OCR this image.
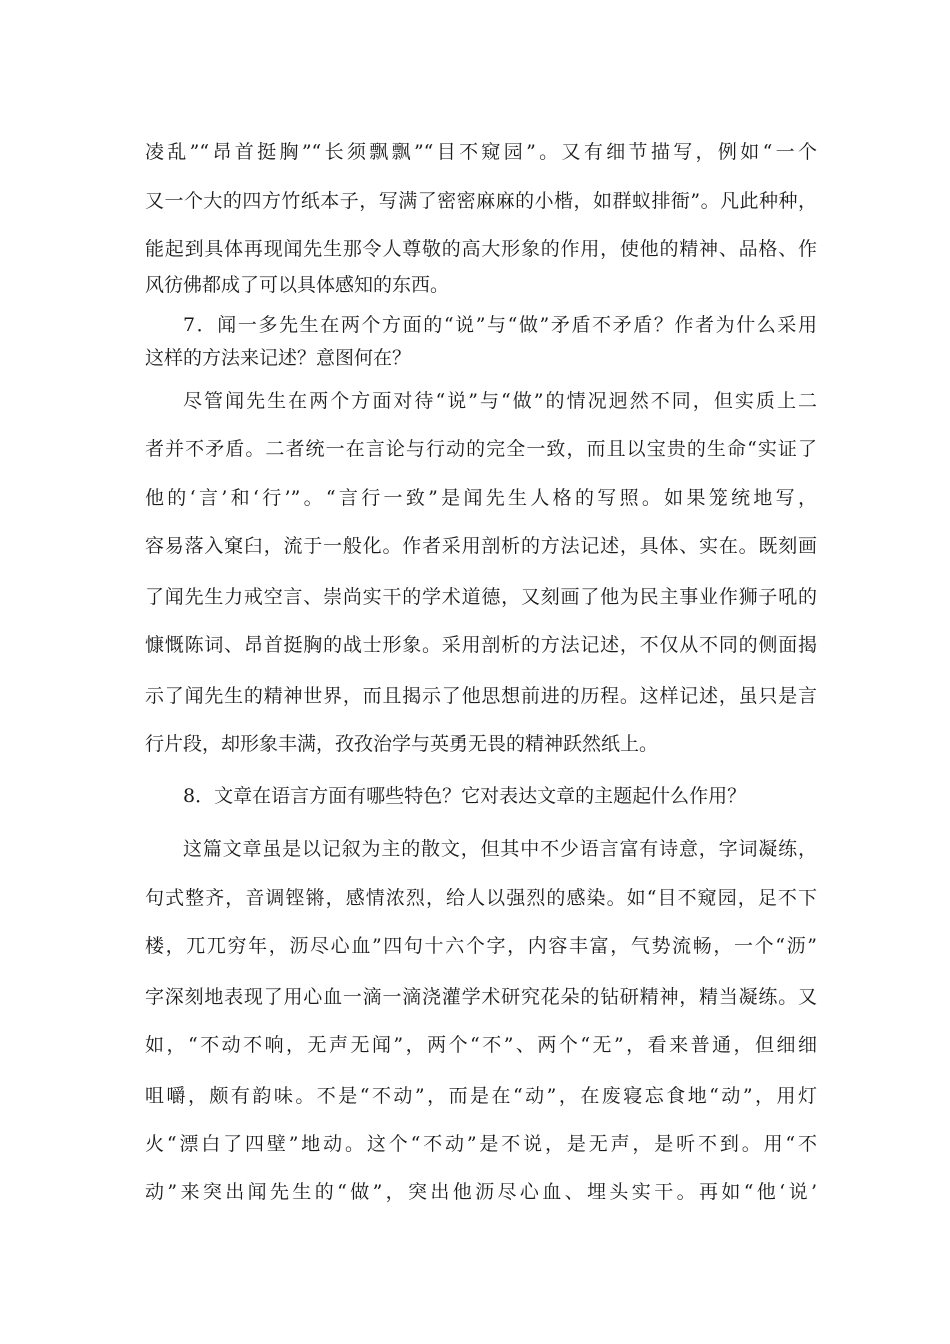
凌乱”“昂首挺胸”“长须飘飘”“目不窥园”。又有细节描写，例如“一个
又一个大的四方竹纸本子，写满了密密麻麻的小楷，如群蚁排衙”。凡此种种，
能起到具体再现闻先生那令人尊敬的高大形象的作用，使他的精神、品格、作
风彷佛都成了可以具体感知的东西。
7．闻一多先生在两个方面的“说”与“做”矛盾不矛盾？作者为什么采用
这样的方法来记述？意图何在？
尽管闻先生在两个方面对待“说”与“做”的情况迥然不同，但实质上二
者并不矛盾。二者统一在言论与行动的完全一致，而且以宝贵的生命“实证了
他的‘言’和‘行’”。“言行一致”是闻先生人格的写照。如果笼统地写，
容易落入窠臼，流于一般化。作者采用剖析的方法记述，具体、实在。既刻画
了闻先生力戒空言、崇尚实干的学术道德，又刻画了他为民主事业作狮子吼的
慷慨陈词、昂首挺胸的战士形象。采用剖析的方法记述，不仅从不同的侧面揭
示了闻先生的精神世界，而且揭示了他思想前进的历程。这样记述，虽只是言
行片段，却形象丰满，孜孜治学与英勇无畏的精神跃然纸上。
8．文章在语言方面有哪些特色？它对表达文章的主题起什么作用？
这篇文章虽是以记叙为主的散文，但其中不少语言富有诗意，字词凝练，
句式整齐，音调铿锵，感情浓烈，给人以强烈的感染。如“目不窥园，足不下
楼，兀兀穷年，沥尽心血”四句十六个字，内容丰富，气势流畅，一个“沥”
字深刻地表现了用心血一滴一滴浇灌学术研究花朵的钻研精神，精当凝练。又
如，“不动不响，无声无闻”，两个“不”、两个“无”，看来普通，但细细
咀嚼，颇有韵味。不是“不动”，而是在“动”，在废寝忘食地“动”，用灯
火“漂白了四壁”地动。这个“不动”是不说，是无声，是听不到。用“不
动”来突出闻先生的“做”，突出他沥尽心血、埋头实干。再如“他‘说’
